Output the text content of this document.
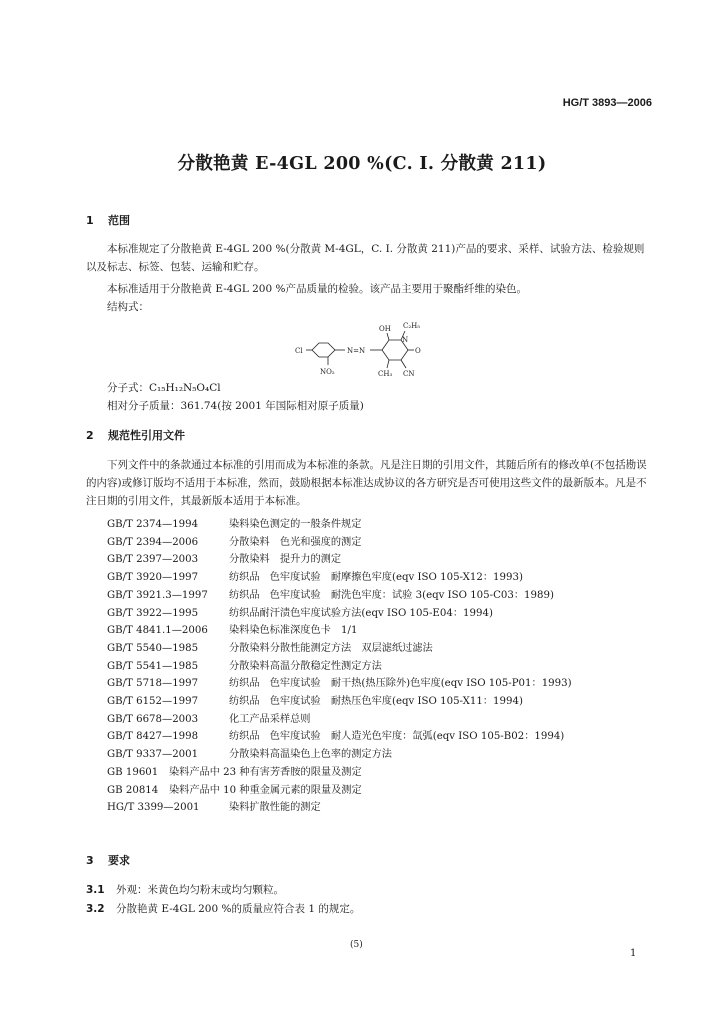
HG/T 3893—2006
分散艳黄 E-4GL 200 %(C. I. 分散黄 211)
1 范围
本标准规定了分散艳黄 E-4GL 200 %(分散黄 M-4GL，C. I. 分散黄 211)产品的要求、采样、试验方法、检验规则以及标志、标签、包装、运输和贮存。
本标准适用于分散艳黄 E-4GL 200 %产品质量的检验。该产品主要用于聚酯纤维的染色。
结构式：
OH C₂H₅
Cl	N=N
N
O
NO₂	CH₃ CN
分子式：C₁₅H₁₂N₅O₄Cl
相对分子质量：361.74(按 2001 年国际相对原子质量)
2 规范性引用文件
下列文件中的条款通过本标准的引用而成为本标准的条款。凡是注日期的引用文件，其随后所有的修改单(不包括勘误的内容)或修订版均不适用于本标准，然而，鼓励根据本标准达成协议的各方研究是否可使用这些文件的最新版本。凡是不注日期的引用文件，其最新版本适用于本标准。
GB/T 2374—1994	染料染色测定的一般条件规定
GB/T 2394—2006	分散染料　色光和强度的测定
GB/T 2397—2003	分散染料　提升力的测定
GB/T 3920—1997	纺织品　色牢度试验　耐摩擦色牢度(eqv ISO 105-X12：1993)
GB/T 3921.3—1997 纺织品　色牢度试验　耐洗色牢度：试验 3(eqv ISO 105-C03：1989)
GB/T 3922—1995	纺织品耐汗渍色牢度试验方法(eqv ISO 105-E04：1994)
GB/T 4841.1—2006 染料染色标准深度色卡　1/1
GB/T 5540—1985	分散染料分散性能测定方法　双层滤纸过滤法
GB/T 5541—1985	分散染料高温分散稳定性测定方法
GB/T 5718—1997	纺织品　色牢度试验　耐干热(热压除外)色牢度(eqv ISO 105-P01：1993)
GB/T 6152—1997	纺织品　色牢度试验　耐热压色牢度(eqv ISO 105-X11：1994)
GB/T 6678—2003	化工产品采样总则
GB/T 8427—1998	纺织品　色牢度试验　耐人造光色牢度：氙弧(eqv ISO 105-B02：1994)
GB/T 9337—2001	分散染料高温染色上色率的测定方法
GB 19601 染料产品中 23 种有害芳香胺的限量及测定
GB 20814 染料产品中 10 种重金属元素的限量及测定
HG/T 3399—2001	染料扩散性能的测定
3 要求
3.1 外观：米黄色均匀粉末或均匀颗粒。
3.2 分散艳黄 E-4GL 200 %的质量应符合表 1 的规定。
(5)
1
